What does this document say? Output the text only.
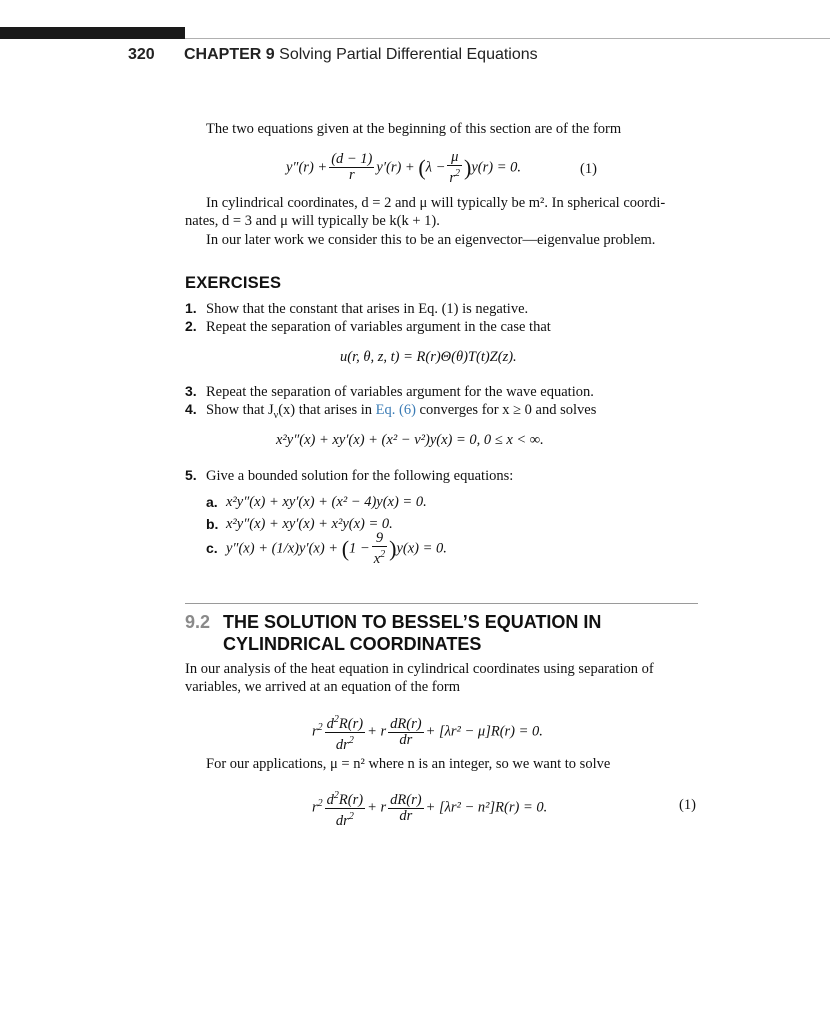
320 CHAPTER 9 Solving Partial Differential Equations
The two equations given at the beginning of this section are of the form
$y''(r) + \frac{(d - 1)}{r} y'(r) + (\lambda - \frac{\mu}{r^2} )y(r) = 0$.	(1)
In cylindrical coordinates, d = 2 and μ will typically be m². In spherical coordi-
nates, d = 3 and μ will typically be k(k + 1).
In our later work we consider this to be an eigenvector—eigenvalue problem.
EXERCISES
1. Show that the constant that arises in Eq. (1) is negative.
2. Repeat the separation of variables argument in the case that
u(r, θ, z, t) = R(r)Θ(θ)T(t)Z(z).
3. Repeat the separation of variables argument for the wave equation.
4. Show that $J_\nu(x)$ that arises in Eq. (6) converges for x ≥ 0 and solves
x²y″(x) + xy′(x) + (x² − ν²)y(x) = 0, 0 ≤ x < ∞.
5. Give a bounded solution for the following equations:
a. x²y″(x) + xy′(x) + (x² − 4)y(x) = 0.
b. x²y″(x) + xy′(x) + x²y(x) = 0.
c. $y''(x) + (1/x)y'(x) + (1 - \frac{9}{x^2} )y(x) = 0$.
9.2 THE SOLUTION TO BESSEL’S EQUATION IN
CYLINDRICAL COORDINATES
In our analysis of the heat equation in cylindrical coordinates using separation of
variables, we arrived at an equation of the form
$r^2 \frac{d^2R(r)}{dr^2} + r \frac{dR(r)}{dr} + [\lambda r^2 - \mu]R(r) = 0$.
For our applications, μ = n² where n is an integer, so we want to solve
$r^2 \frac{d^2R(r)}{dr^2} + r \frac{dR(r)}{dr} + [\lambda r^2 - n^2]R(r) = 0$.	(1)
